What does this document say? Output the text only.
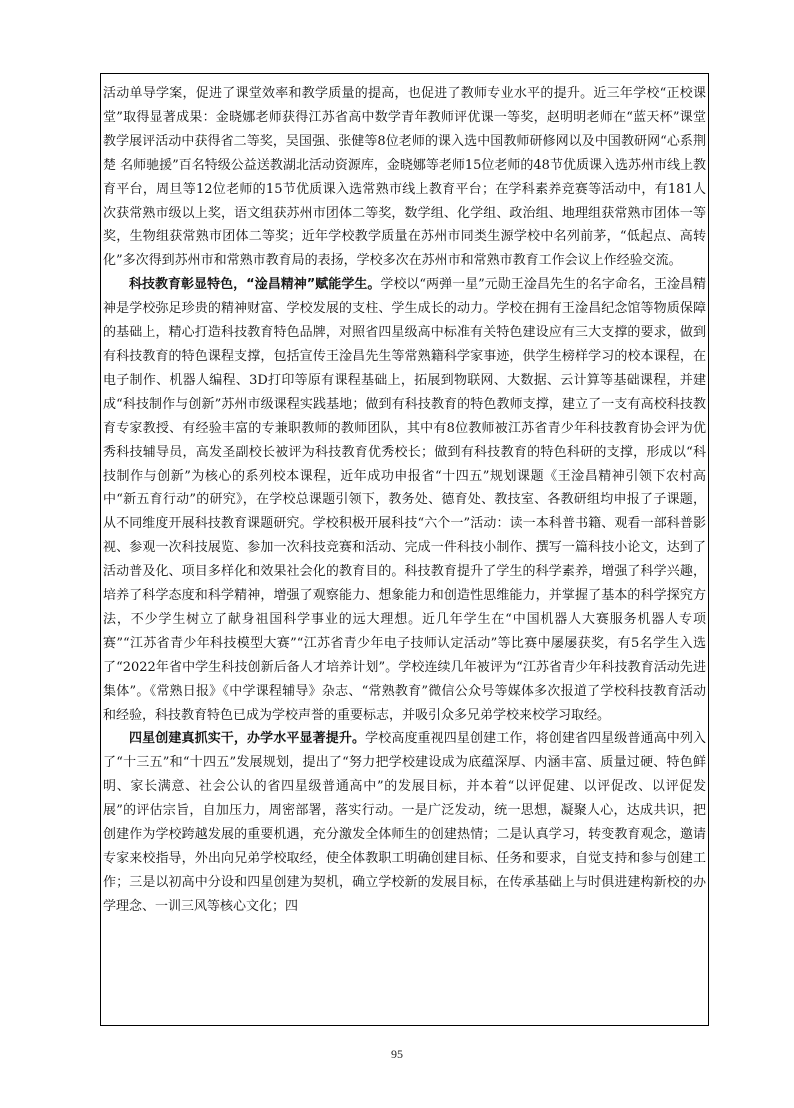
活动单导学案，促进了课堂效率和教学质量的提高，也促进了教师专业水平的提升。近三年学校“正校课堂”取得显著成果：金晓娜老师获得江苏省高中数学青年教师评优课一等奖，赵明明老师在“蓝天杯”课堂教学展评活动中获得省二等奖，吴国强、张健等8位老师的课入选中国教师研修网以及中国教研网“心系荆楚 名师驰援”百名特级公益送教湖北活动资源库，金晓娜等老师15位老师的48节优质课入选苏州市线上教育平台，周旦等12位老师的15节优质课入选常熟市线上教育平台；在学科素养竞赛等活动中，有181人次获常熟市级以上奖，语文组获苏州市团体二等奖，数学组、化学组、政治组、地理组获常熟市团体一等奖，生物组获常熟市团体二等奖；近年学校教学质量在苏州市同类生源学校中名列前茅，“低起点、高转化”多次得到苏州市和常熟市教育局的表扬，学校多次在苏州市和常熟市教育工作会议上作经验交流。

科技教育彰显特色，“淦昌精神”赋能学生。学校以“两弹一星”元勋王淦昌先生的名字命名，王淦昌精神是学校弥足珍贵的精神财富、学校发展的支柱、学生成长的动力。学校在拥有王淦昌纪念馆等物质保障的基础上，精心打造科技教育特色品牌，对照省四星级高中标准有关特色建设应有三大支撑的要求，做到有科技教育的特色课程支撑，包括宣传王淦昌先生等常熟籍科学家事迹，供学生榜样学习的校本课程，在电子制作、机器人编程、3D打印等原有课程基础上，拓展到物联网、大数据、云计算等基础课程，并建成“科技制作与创新”苏州市级课程实践基地；做到有科技教育的特色教师支撑，建立了一支有高校科技教育专家教授、有经验丰富的专兼职教师的教师团队，其中有8位教师被江苏省青少年科技教育协会评为优秀科技辅导员，高发圣副校长被评为科技教育优秀校长；做到有科技教育的特色科研的支撑，形成以“科技制作与创新”为核心的系列校本课程，近年成功申报省“十四五”规划课题《王淦昌精神引领下农村高中“新五育行动”的研究》，在学校总课题引领下，教务处、德育处、教技室、各教研组均申报了子课题，从不同维度开展科技教育课题研究。学校积极开展科技“六个一”活动：读一本科普书籍、观看一部科普影视、参观一次科技展览、参加一次科技竞赛和活动、完成一件科技小制作、撰写一篇科技小论文，达到了活动普及化、项目多样化和效果社会化的教育目的。科技教育提升了学生的科学素养，增强了科学兴趣，培养了科学态度和科学精神，增强了观察能力、想象能力和创造性思维能力，并掌握了基本的科学探究方法，不少学生树立了献身祖国科学事业的远大理想。近几年学生在“中国机器人大赛服务机器人专项赛”“江苏省青少年科技模型大赛”“江苏省青少年电子技师认定活动”等比赛中屡屡获奖，有5名学生入选了“2022年省中学生科技创新后备人才培养计划”。学校连续几年被评为“江苏省青少年科技教育活动先进集体”。《常熟日报》《中学课程辅导》杂志、“常熟教育”微信公众号等媒体多次报道了学校科技教育活动和经验，科技教育特色已成为学校声誉的重要标志，并吸引众多兄弟学校来校学习取经。

四星创建真抓实干，办学水平显著提升。学校高度重视四星创建工作，将创建省四星级普通高中列入了“十三五”和“十四五”发展规划，提出了“努力把学校建设成为底蕴深厚、内涵丰富、质量过硬、特色鲜明、家长满意、社会公认的省四星级普通高中”的发展目标，并本着“以评促建、以评促改、以评促发展”的评估宗旨，自加压力，周密部署，落实行动。一是广泛发动，统一思想，凝聚人心，达成共识，把创建作为学校跨越发展的重要机遇，充分激发全体师生的创建热情；二是认真学习，转变教育观念，邀请专家来校指导，外出向兄弟学校取经，使全体教职工明确创建目标、任务和要求，自觉支持和参与创建工作；三是以初高中分设和四星创建为契机，确立学校新的发展目标，在传承基础上与时俱进建构新校的办学理念、一训三风等核心文化；四

95
